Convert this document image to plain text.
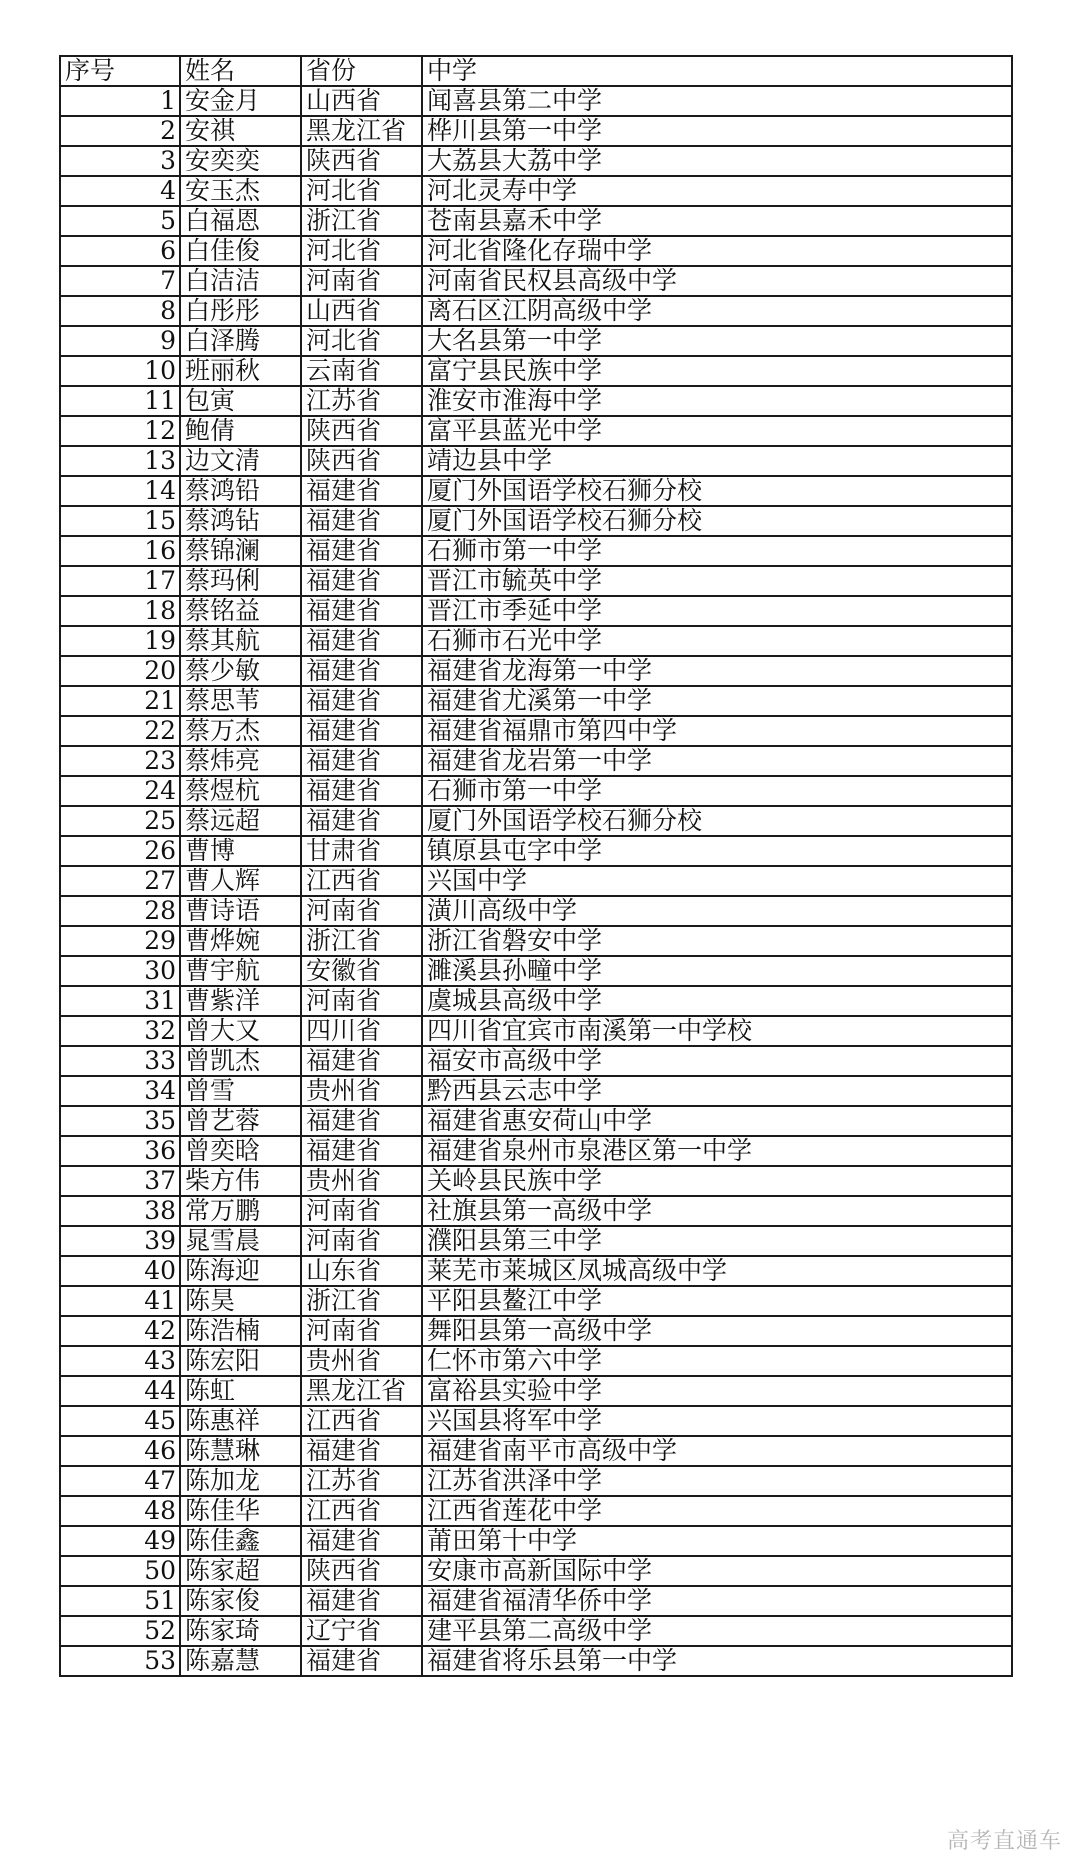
序号	姓名	省份	中学
1	安金月	山西省	闻喜县第二中学
2	安祺	黑龙江省	桦川县第一中学
3	安奕奕	陕西省	大荔县大荔中学
4	安玉杰	河北省	河北灵寿中学
5	白福恩	浙江省	苍南县嘉禾中学
6	白佳俊	河北省	河北省隆化存瑞中学
7	白洁洁	河南省	河南省民权县高级中学
8	白彤彤	山西省	离石区江阴高级中学
9	白泽腾	河北省	大名县第一中学
10	班丽秋	云南省	富宁县民族中学
11	包寅	江苏省	淮安市淮海中学
12	鲍倩	陕西省	富平县蓝光中学
13	边文清	陕西省	靖边县中学
14	蔡鸿铅	福建省	厦门外国语学校石狮分校
15	蔡鸿钻	福建省	厦门外国语学校石狮分校
16	蔡锦澜	福建省	石狮市第一中学
17	蔡玛俐	福建省	晋江市毓英中学
18	蔡铭益	福建省	晋江市季延中学
19	蔡其航	福建省	石狮市石光中学
20	蔡少敏	福建省	福建省龙海第一中学
21	蔡思苇	福建省	福建省尤溪第一中学
22	蔡万杰	福建省	福建省福鼎市第四中学
23	蔡炜亮	福建省	福建省龙岩第一中学
24	蔡煜杭	福建省	石狮市第一中学
25	蔡远超	福建省	厦门外国语学校石狮分校
26	曹博	甘肃省	镇原县屯字中学
27	曹人辉	江西省	兴国中学
28	曹诗语	河南省	潢川高级中学
29	曹烨婉	浙江省	浙江省磐安中学
30	曹宇航	安徽省	濉溪县孙疃中学
31	曹紫洋	河南省	虞城县高级中学
32	曾大又	四川省	四川省宜宾市南溪第一中学校
33	曾凯杰	福建省	福安市高级中学
34	曾雪	贵州省	黔西县云志中学
35	曾艺蓉	福建省	福建省惠安荷山中学
36	曾奕晗	福建省	福建省泉州市泉港区第一中学
37	柴方伟	贵州省	关岭县民族中学
38	常万鹏	河南省	社旗县第一高级中学
39	晁雪晨	河南省	濮阳县第三中学
40	陈海迎	山东省	莱芜市莱城区凤城高级中学
41	陈昊	浙江省	平阳县鳌江中学
42	陈浩楠	河南省	舞阳县第一高级中学
43	陈宏阳	贵州省	仁怀市第六中学
44	陈虹	黑龙江省	富裕县实验中学
45	陈惠祥	江西省	兴国县将军中学
46	陈慧琳	福建省	福建省南平市高级中学
47	陈加龙	江苏省	江苏省洪泽中学
48	陈佳华	江西省	江西省莲花中学
49	陈佳鑫	福建省	莆田第十中学
50	陈家超	陕西省	安康市高新国际中学
51	陈家俊	福建省	福建省福清华侨中学
52	陈家琦	辽宁省	建平县第二高级中学
53	陈嘉慧	福建省	福建省将乐县第一中学
高考直通车
